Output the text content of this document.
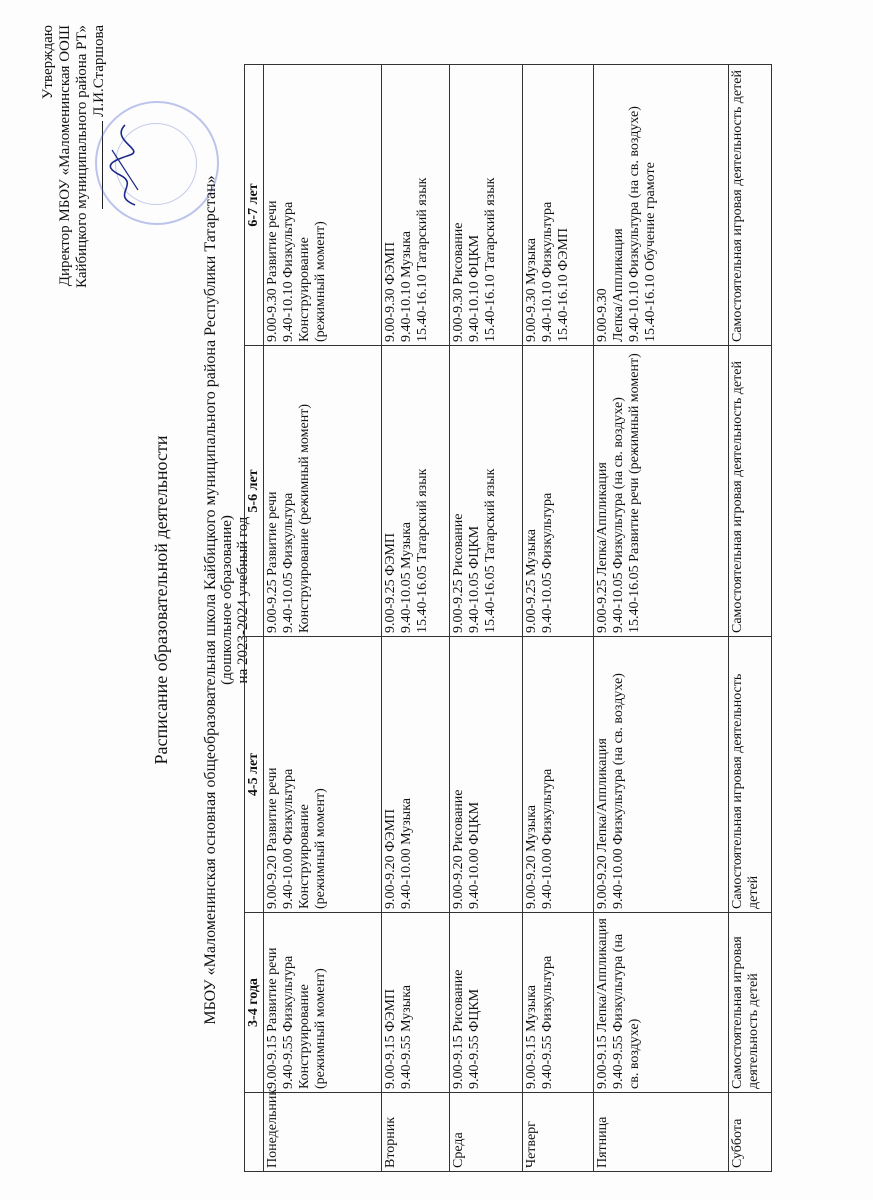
Утверждаю Директор МБОУ «Маломенинская ООШ Кайбицкого муниципального района РТ» Л.И.Старшова
Расписание образовательной деятельности МБОУ «Маломенинская основная общеобразовательная школа Кайбицкого муниципального района Республики Татарстан» (дошкольное образование) на 2023-2024 учебный год
	3-4 года	4-5 лет	5-6 лет	6-7 лет
Понедельник	9.00-9.15 Развитие речи 9.40-9.55 Физкультура Конструирование (режимный момент)	9.00-9.20 Развитие речи 9.40-10.00 Физкультура Конструирование (режимный момент)	9.00-9.25 Развитие речи 9.40-10.05 Физкультура Конструирование (режимный момент)	9.00-9.30 Развитие речи 9.40-10.10 Физкультура Конструирование (режимный момент)

Вторник	9.00-9.15 ФЭМП 9.40-9.55 Музыка	9.00-9.20 ФЭМП 9.40-10.00 Музыка	9.00-9.25 ФЭМП 9.40-10.05 Музыка 15.40-16.05 Татарский язык	9.00-9.30 ФЭМП 9.40-10.10 Музыка 15.40-16.10 Татарский язык

Среда	9.00-9.15 Рисование 9.40-9.55 ФЦКМ	9.00-9.20 Рисование 9.40-10.00 ФЦКМ	9.00-9.25 Рисование 9.40-10.05 ФЦКМ 15.40-16.05 Татарский язык	9.00-9.30 Рисование 9.40-10.10 ФЦКМ 15.40-16.10 Татарский язык

Четверг	9.00-9.15 Музыка 9.40-9.55 Физкультура	9.00-9.20 Музыка 9.40-10.00 Физкультура	9.00-9.25 Музыка 9.40-10.05 Физкультура	9.00-9.30 Музыка 9.40-10.10 Физкультура 15.40-16.10 ФЭМП

Пятница	9.00-9.15 Лепка/Аппликация 9.40-9.55 Физкультура (на св. воздухе)	9.00-9.20 Лепка/Аппликация 9.40-10.00 Физкультура (на св. воздухе)	9.00-9.25 Лепка/Аппликация 9.40-10.05 Физкультура (на св. воздухе) 15.40-16.05 Развитие речи (режимный момент)	9.00-9.30 Лепка/Аппликация 9.40-10.10 Физкультура (на св. воздухе) 15.40-16.10 Обучение грамоте

Суббота	Самостоятельная игровая деятельность детей	Самостоятельная игровая деятельность детей	Самостоятельная игровая деятельность детей	Самостоятельная игровая деятельность детей
